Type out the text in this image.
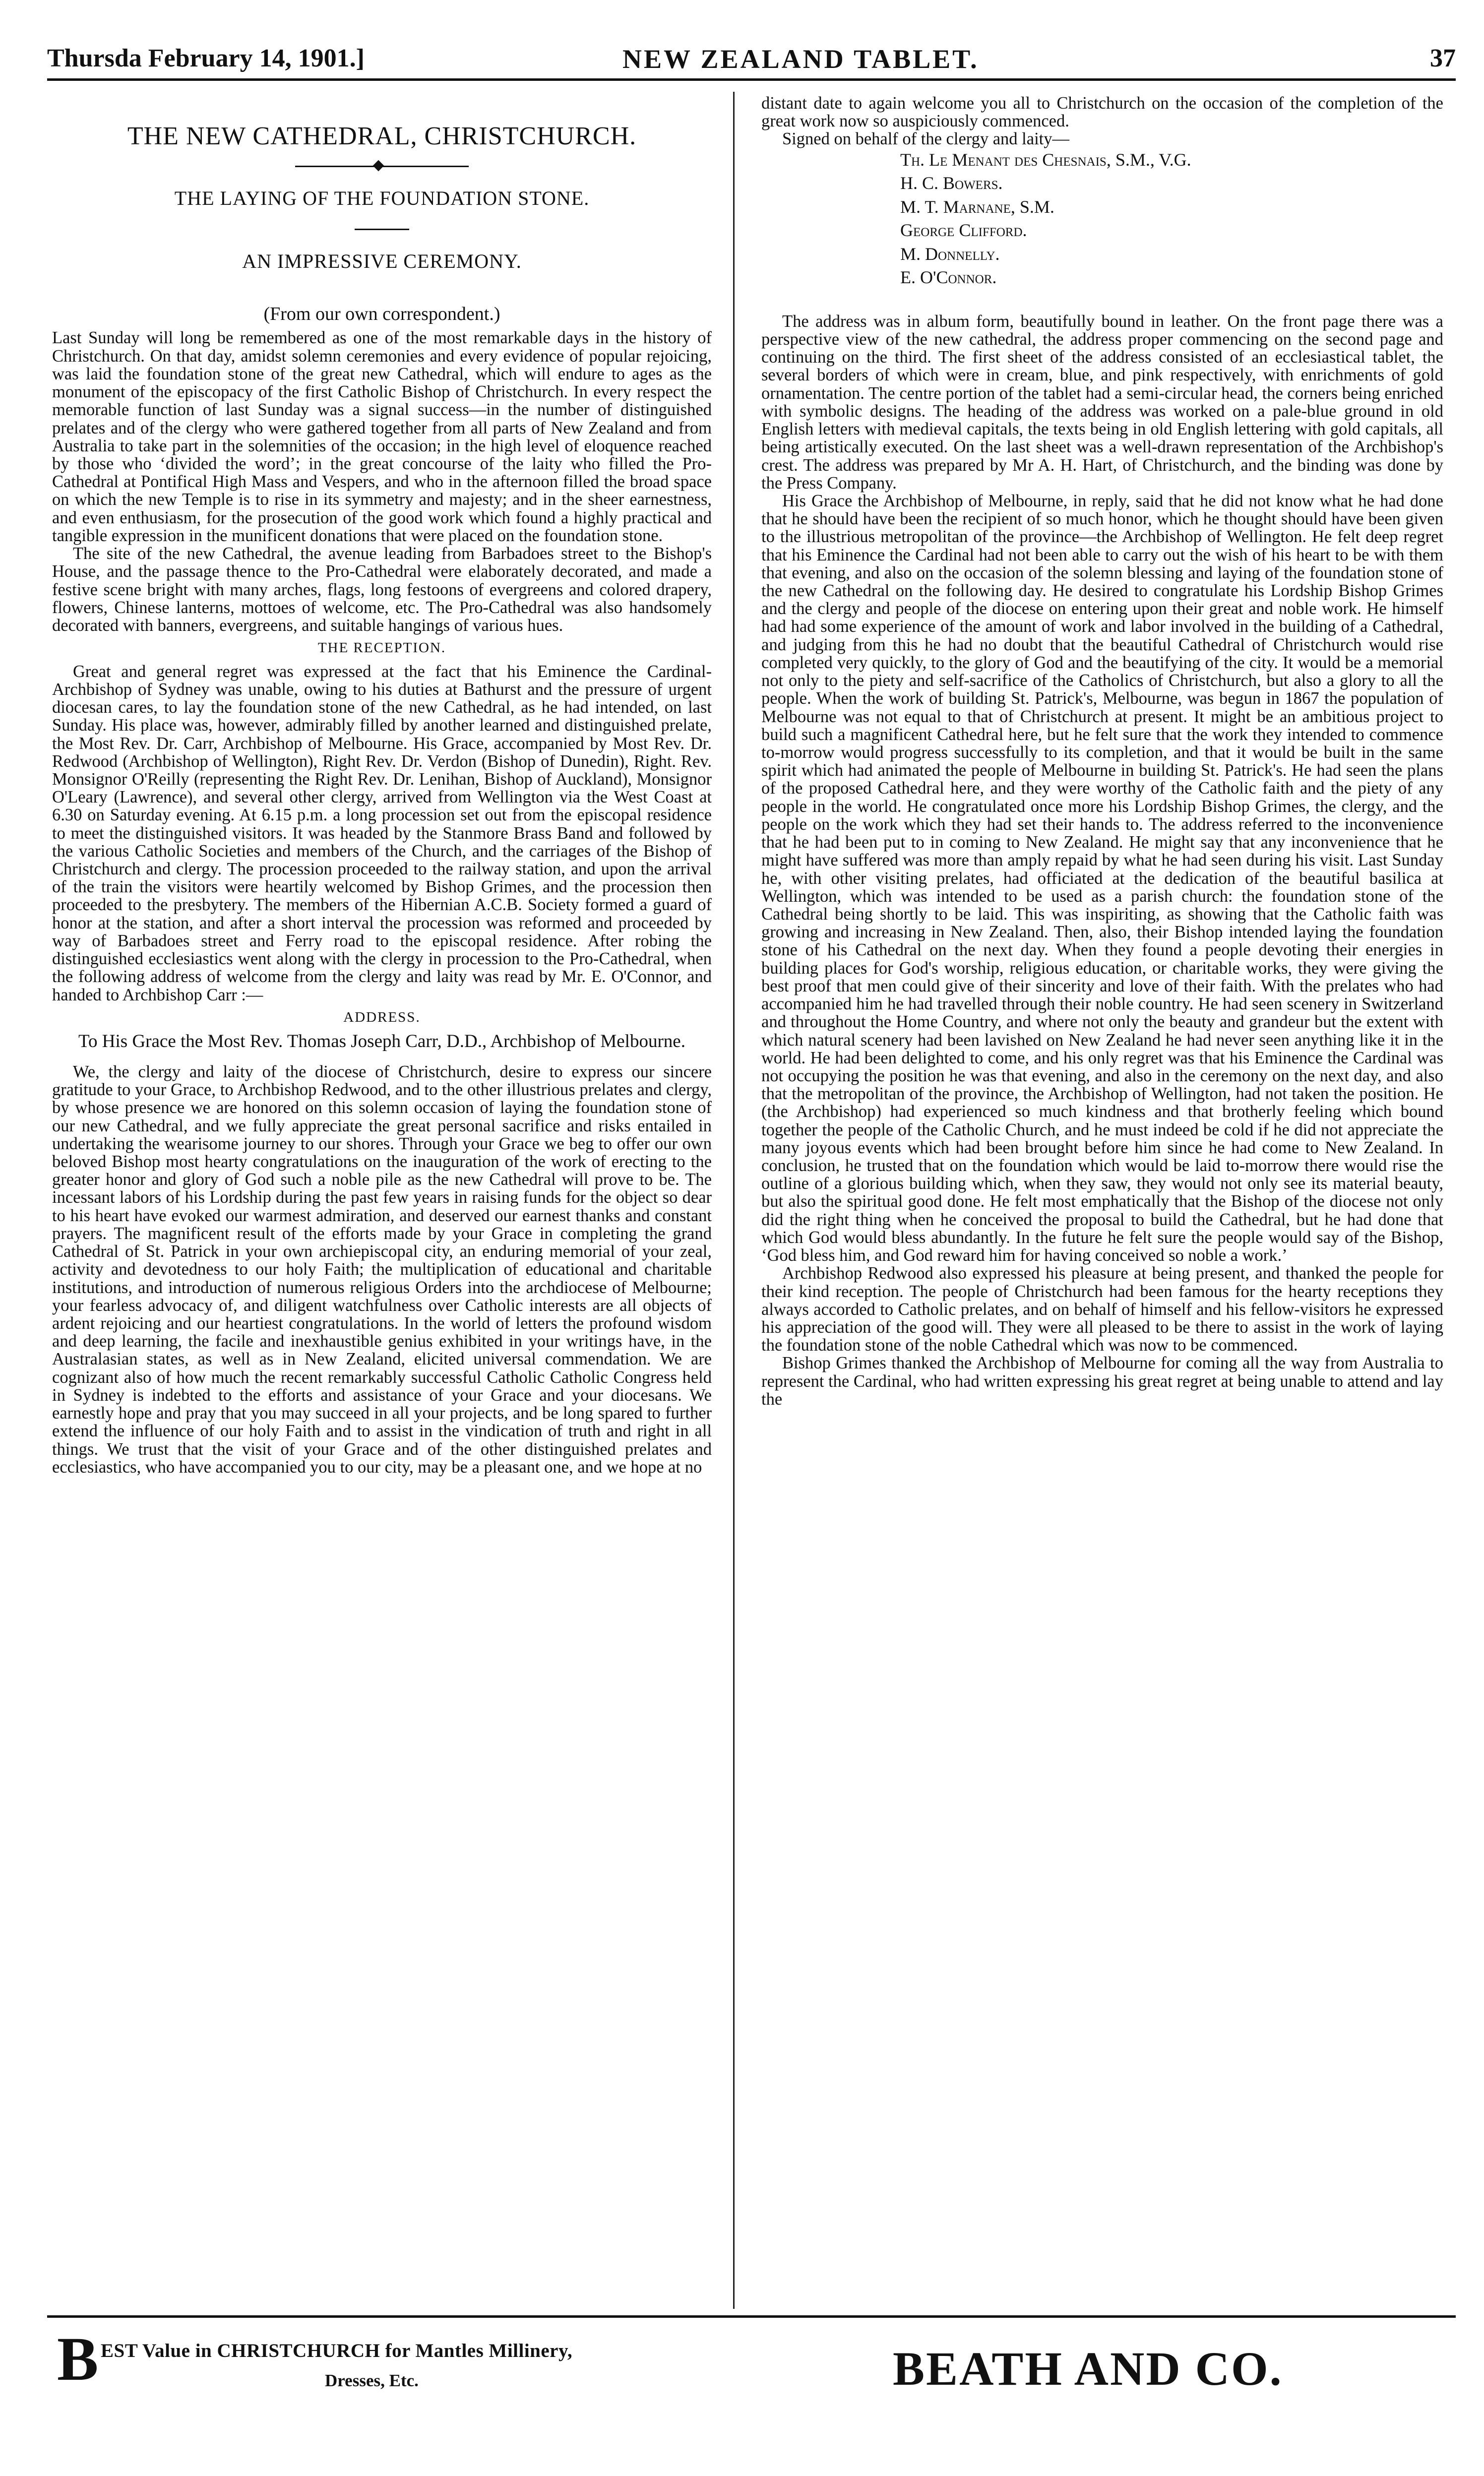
Thursda February 14, 1901.]	NEW ZEALAND TABLET.	37
THE NEW CATHEDRAL, CHRISTCHURCH.
THE LAYING OF THE FOUNDATION STONE.
AN IMPRESSIVE CEREMONY.
(From our own correspondent.)

Last Sunday will long be remembered as one of the most remarkable days in the history of Christchurch. On that day, amidst solemn ceremonies and every evidence of popular rejoicing, was laid the foundation stone of the great new Cathedral, which will endure to ages as the monument of the episcopacy of the first Catholic Bishop of Christchurch. In every respect the memorable function of last Sunday was a signal success—in the number of distinguished prelates and of the clergy who were gathered together from all parts of New Zealand and from Australia to take part in the solemnities of the occasion; in the high level of eloquence reached by those who ‘divided the word’; in the great concourse of the laity who filled the Pro-Cathedral at Pontifical High Mass and Vespers, and who in the afternoon filled the broad space on which the new Temple is to rise in its symmetry and majesty; and in the sheer earnestness, and even enthusiasm, for the prosecution of the good work which found a highly practical and tangible expression in the munificent donations that were placed on the foundation stone.

The site of the new Cathedral, the avenue leading from Barbadoes street to the Bishop's House, and the passage thence to the Pro-Cathedral were elaborately decorated, and made a festive scene bright with many arches, flags, long festoons of evergreens and colored drapery, flowers, Chinese lanterns, mottoes of welcome, etc. The Pro-Cathedral was also handsomely decorated with banners, evergreens, and suitable hangings of various hues.

THE RECEPTION.

Great and general regret was expressed at the fact that his Eminence the Cardinal-Archbishop of Sydney was unable, owing to his duties at Bathurst and the pressure of urgent diocesan cares, to lay the foundation stone of the new Cathedral, as he had intended, on last Sunday. His place was, however, admirably filled by another learned and distinguished prelate, the Most Rev. Dr. Carr, Archbishop of Melbourne. His Grace, accompanied by Most Rev. Dr. Redwood (Archbishop of Wellington), Right Rev. Dr. Verdon (Bishop of Dunedin), Right. Rev. Monsignor O'Reilly (representing the Right Rev. Dr. Lenihan, Bishop of Auckland), Monsignor O'Leary (Lawrence), and several other clergy, arrived from Wellington via the West Coast at 6.30 on Saturday evening. At 6.15 p.m. a long procession set out from the episcopal residence to meet the distinguished visitors. It was headed by the Stanmore Brass Band and followed by the various Catholic Societies and members of the Church, and the carriages of the Bishop of Christchurch and clergy. The procession proceeded to the railway station, and upon the arrival of the train the visitors were heartily welcomed by Bishop Grimes, and the procession then proceeded to the presbytery. The members of the Hibernian A.C.B. Society formed a guard of honor at the station, and after a short interval the procession was reformed and proceeded by way of Barbadoes street and Ferry road to the episcopal residence. After robing the distinguished ecclesiastics went along with the clergy in procession to the Pro-Cathedral, when the following address of welcome from the clergy and laity was read by Mr. E. O'Connor, and handed to Archbishop Carr :—

ADDRESS.
To His Grace the Most Rev. Thomas Joseph Carr, D.D., Archbishop of Melbourne.

We, the clergy and laity of the diocese of Christchurch, desire to express our sincere gratitude to your Grace, to Archbishop Redwood, and to the other illustrious prelates and clergy, by whose presence we are honored on this solemn occasion of laying the foundation stone of our new Cathedral, and we fully appreciate the great personal sacrifice and risks entailed in undertaking the wearisome journey to our shores. Through your Grace we beg to offer our own beloved Bishop most hearty congratulations on the inauguration of the work of erecting to the greater honor and glory of God such a noble pile as the new Cathedral will prove to be. The incessant labors of his Lordship during the past few years in raising funds for the object so dear to his heart have evoked our warmest admiration, and deserved our earnest thanks and constant prayers. The magnificent result of the efforts made by your Grace in completing the grand Cathedral of St. Patrick in your own archiepiscopal city, an enduring memorial of your zeal, activity and devotedness to our holy Faith; the multiplication of educational and charitable institutions, and introduction of numerous religious Orders into the archdiocese of Melbourne; your fearless advocacy of, and diligent watchfulness over Catholic interests are all objects of ardent rejoicing and our heartiest congratulations. In the world of letters the profound wisdom and deep learning, the facile and inexhaustible genius exhibited in your writings have, in the Australasian states, as well as in New Zealand, elicited universal commendation. We are cognizant also of how much the recent remarkably successful Catholic Catholic Congress held in Sydney is indebted to the efforts and assistance of your Grace and your diocesans. We earnestly hope and pray that you may succeed in all your projects, and be long spared to further extend the influence of our holy Faith and to assist in the vindication of truth and right in all things. We trust that the visit of your Grace and of the other distinguished prelates and ecclesiastics, who have accompanied you to our city, may be a pleasant one, and we hope at no

distant date to again welcome you all to Christchurch on the occasion of the completion of the great work now so auspiciously commenced.

Signed on behalf of the clergy and laity—

Th. Le Menant des Chesnais, S.M., V.G.
H. C. Bowers.
M. T. Marnane, S.M.
George Clifford.
M. Donnelly.
E. O'Connor.

The address was in album form, beautifully bound in leather. On the front page there was a perspective view of the new cathedral, the address proper commencing on the second page and continuing on the third. The first sheet of the address consisted of an ecclesiastical tablet, the several borders of which were in cream, blue, and pink respectively, with enrichments of gold ornamentation. The centre portion of the tablet had a semi-circular head, the corners being enriched with symbolic designs. The heading of the address was worked on a pale-blue ground in old English letters with medieval capitals, the texts being in old English lettering with gold capitals, all being artistically executed. On the last sheet was a well-drawn representation of the Archbishop's crest. The address was prepared by Mr A. H. Hart, of Christchurch, and the binding was done by the Press Company.

His Grace the Archbishop of Melbourne, in reply, said that he did not know what he had done that he should have been the recipient of so much honor, which he thought should have been given to the illustrious metropolitan of the province—the Archbishop of Wellington. He felt deep regret that his Eminence the Cardinal had not been able to carry out the wish of his heart to be with them that evening, and also on the occasion of the solemn blessing and laying of the foundation stone of the new Cathedral on the following day. He desired to congratulate his Lordship Bishop Grimes and the clergy and people of the diocese on entering upon their great and noble work. He himself had had some experience of the amount of work and labor involved in the building of a Cathedral, and judging from this he had no doubt that the beautiful Cathedral of Christchurch would rise completed very quickly, to the glory of God and the beautifying of the city. It would be a memorial not only to the piety and self-sacrifice of the Catholics of Christchurch, but also a glory to all the people. When the work of building St. Patrick's, Melbourne, was begun in 1867 the population of Melbourne was not equal to that of Christchurch at present. It might be an ambitious project to build such a magnificent Cathedral here, but he felt sure that the work they intended to commence to-morrow would progress successfully to its completion, and that it would be built in the same spirit which had animated the people of Melbourne in building St. Patrick's. He had seen the plans of the proposed Cathedral here, and they were worthy of the Catholic faith and the piety of any people in the world. He congratulated once more his Lordship Bishop Grimes, the clergy, and the people on the work which they had set their hands to. The address referred to the inconvenience that he had been put to in coming to New Zealand. He might say that any inconvenience that he might have suffered was more than amply repaid by what he had seen during his visit. Last Sunday he, with other visiting prelates, had officiated at the dedication of the beautiful basilica at Wellington, which was intended to be used as a parish church: the foundation stone of the Cathedral being shortly to be laid. This was inspiriting, as showing that the Catholic faith was growing and increasing in New Zealand. Then, also, their Bishop intended laying the foundation stone of his Cathedral on the next day. When they found a people devoting their energies in building places for God's worship, religious education, or charitable works, they were giving the best proof that men could give of their sincerity and love of their faith. With the prelates who had accompanied him he had travelled through their noble country. He had seen scenery in Switzerland and throughout the Home Country, and where not only the beauty and grandeur but the extent with which natural scenery had been lavished on New Zealand he had never seen anything like it in the world. He had been delighted to come, and his only regret was that his Eminence the Cardinal was not occupying the position he was that evening, and also in the ceremony on the next day, and also that the metropolitan of the province, the Archbishop of Wellington, had not taken the position. He (the Archbishop) had experienced so much kindness and that brotherly feeling which bound together the people of the Catholic Church, and he must indeed be cold if he did not appreciate the many joyous events which had been brought before him since he had come to New Zealand. In conclusion, he trusted that on the foundation which would be laid to-morrow there would rise the outline of a glorious building which, when they saw, they would not only see its material beauty, but also the spiritual good done. He felt most emphatically that the Bishop of the diocese not only did the right thing when he conceived the proposal to build the Cathedral, but he had done that which God would bless abundantly. In the future he felt sure the people would say of the Bishop, ‘God bless him, and God reward him for having conceived so noble a work.’

Archbishop Redwood also expressed his pleasure at being present, and thanked the people for their kind reception. The people of Christchurch had been famous for the hearty receptions they always accorded to Catholic prelates, and on behalf of himself and his fellow-visitors he expressed his appreciation of the good will. They were all pleased to be there to assist in the work of laying the foundation stone of the noble Cathedral which was now to be commenced.

Bishop Grimes thanked the Archbishop of Melbourne for coming all the way from Australia to represent the Cardinal, who had written expressing his great regret at being unable to attend and lay the

B EST Value in CHRISTCHURCH for Mantles Millinery,
Dresses, Etc.	BEATH AND CO.
